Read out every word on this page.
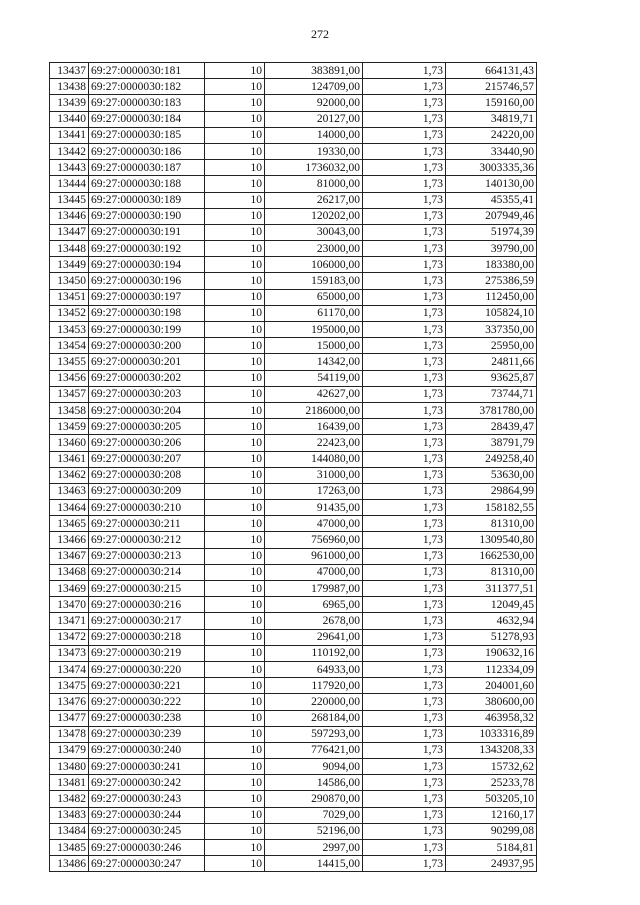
272
13437	69:27:0000030:181	10	383891,00	1,73	664131,43
13438	69:27:0000030:182	10	124709,00	1,73	215746,57
13439	69:27:0000030:183	10	92000,00	1,73	159160,00
13440	69:27:0000030:184	10	20127,00	1,73	34819,71
13441	69:27:0000030:185	10	14000,00	1,73	24220,00
13442	69:27:0000030:186	10	19330,00	1,73	33440,90
13443	69:27:0000030:187	10	1736032,00	1,73	3003335,36
13444	69:27:0000030:188	10	81000,00	1,73	140130,00
13445	69:27:0000030:189	10	26217,00	1,73	45355,41
13446	69:27:0000030:190	10	120202,00	1,73	207949,46
13447	69:27:0000030:191	10	30043,00	1,73	51974,39
13448	69:27:0000030:192	10	23000,00	1,73	39790,00
13449	69:27:0000030:194	10	106000,00	1,73	183380,00
13450	69:27:0000030:196	10	159183,00	1,73	275386,59
13451	69:27:0000030:197	10	65000,00	1,73	112450,00
13452	69:27:0000030:198	10	61170,00	1,73	105824,10
13453	69:27:0000030:199	10	195000,00	1,73	337350,00
13454	69:27:0000030:200	10	15000,00	1,73	25950,00
13455	69:27:0000030:201	10	14342,00	1,73	24811,66
13456	69:27:0000030:202	10	54119,00	1,73	93625,87
13457	69:27:0000030:203	10	42627,00	1,73	73744,71
13458	69:27:0000030:204	10	2186000,00	1,73	3781780,00
13459	69:27:0000030:205	10	16439,00	1,73	28439,47
13460	69:27:0000030:206	10	22423,00	1,73	38791,79
13461	69:27:0000030:207	10	144080,00	1,73	249258,40
13462	69:27:0000030:208	10	31000,00	1,73	53630,00
13463	69:27:0000030:209	10	17263,00	1,73	29864,99
13464	69:27:0000030:210	10	91435,00	1,73	158182,55
13465	69:27:0000030:211	10	47000,00	1,73	81310,00
13466	69:27:0000030:212	10	756960,00	1,73	1309540,80
13467	69:27:0000030:213	10	961000,00	1,73	1662530,00
13468	69:27:0000030:214	10	47000,00	1,73	81310,00
13469	69:27:0000030:215	10	179987,00	1,73	311377,51
13470	69:27:0000030:216	10	6965,00	1,73	12049,45
13471	69:27:0000030:217	10	2678,00	1,73	4632,94
13472	69:27:0000030:218	10	29641,00	1,73	51278,93
13473	69:27:0000030:219	10	110192,00	1,73	190632,16
13474	69:27:0000030:220	10	64933,00	1,73	112334,09
13475	69:27:0000030:221	10	117920,00	1,73	204001,60
13476	69:27:0000030:222	10	220000,00	1,73	380600,00
13477	69:27:0000030:238	10	268184,00	1,73	463958,32
13478	69:27:0000030:239	10	597293,00	1,73	1033316,89
13479	69:27:0000030:240	10	776421,00	1,73	1343208,33
13480	69:27:0000030:241	10	9094,00	1,73	15732,62
13481	69:27:0000030:242	10	14586,00	1,73	25233,78
13482	69:27:0000030:243	10	290870,00	1,73	503205,10
13483	69:27:0000030:244	10	7029,00	1,73	12160,17
13484	69:27:0000030:245	10	52196,00	1,73	90299,08
13485	69:27:0000030:246	10	2997,00	1,73	5184,81
13486	69:27:0000030:247	10	14415,00	1,73	24937,95
